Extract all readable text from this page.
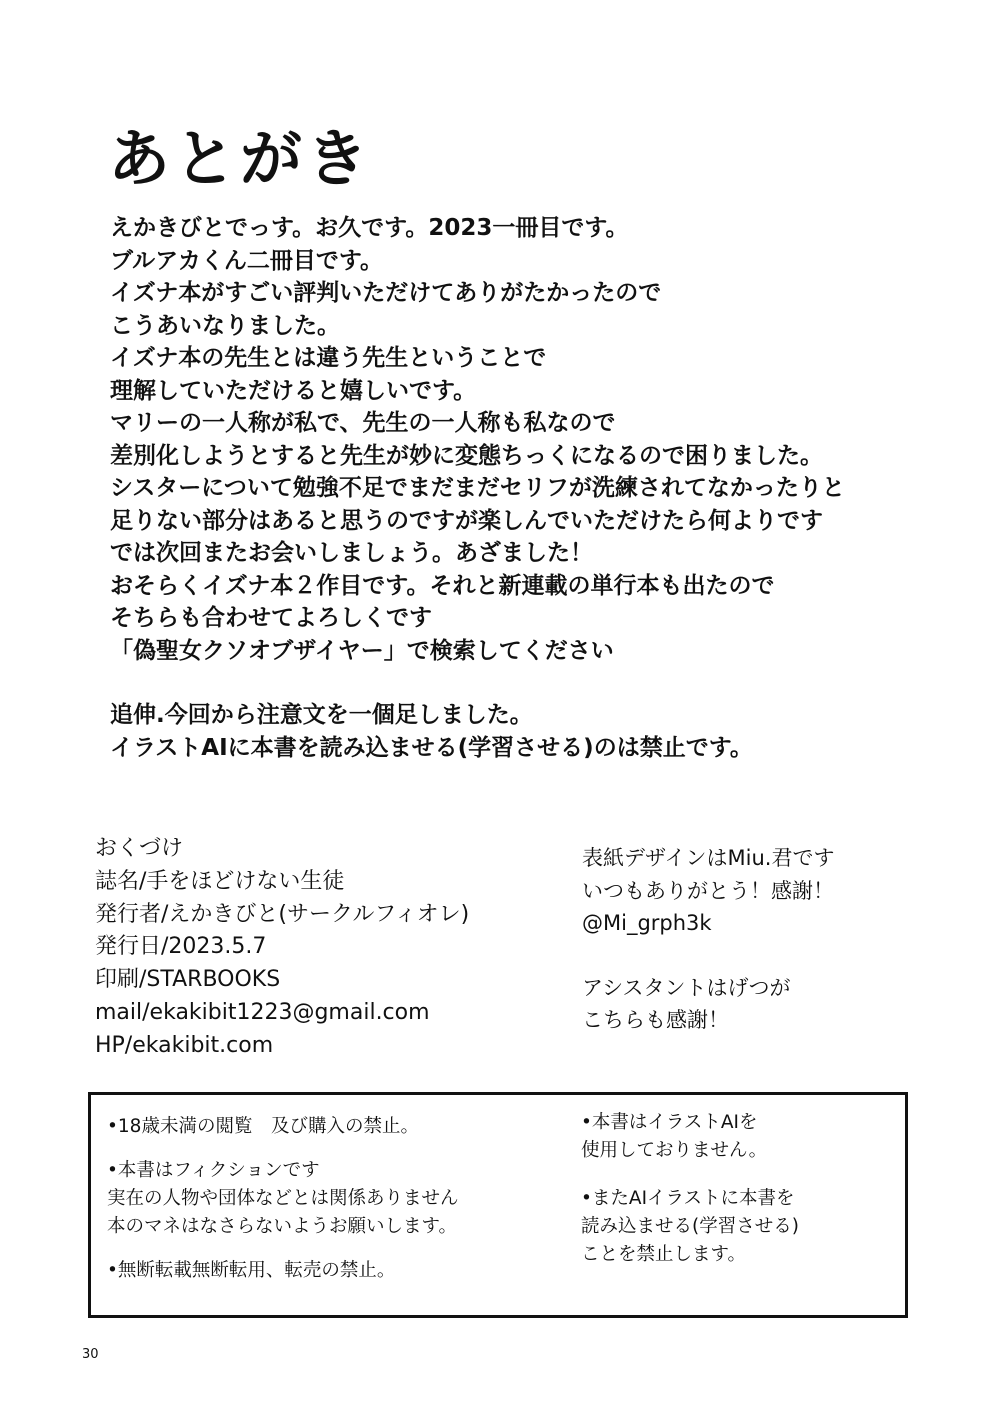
あとがき
えかきびとでっす。お久です。2023一冊目です。
ブルアカくん二冊目です。
イズナ本がすごい評判いただけてありがたかったので
こうあいなりました。
イズナ本の先生とは違う先生ということで
理解していただけると嬉しいです。
マリーの一人称が私で、先生の一人称も私なので
差別化しようとすると先生が妙に変態ちっくになるので困りました。
シスターについて勉強不足でまだまだセリフが洗練されてなかったりと
足りない部分はあると思うのですが楽しんでいただけたら何よりです
では次回またお会いしましょう。あざました！
おそらくイズナ本２作目です。それと新連載の単行本も出たので
そちらも合わせてよろしくです
「偽聖女クソオブザイヤー」で検索してください
追伸.今回から注意文を一個足しました。
イラストAIに本書を読み込ませる(学習させる)のは禁止です。
おくづけ
誌名/手をほどけない生徒
発行者/えかきびと(サークルフィオレ)
発行日/2023.5.7
印刷/STARBOOKS
mail/ekakibit1223@gmail.com
HP/ekakibit.com
表紙デザインはMiu.君です
いつもありがとう！感謝！
@Mi_grph3k
アシスタントはげつが
こちらも感謝！
•18歳未満の閲覧　及び購入の禁止。
•本書はフィクションです
実在の人物や団体などとは関係ありません
本のマネはなさらないようお願いします。
•無断転載無断転用、転売の禁止。
•本書はイラストAIを
使用しておりません。
•またAIイラストに本書を
読み込ませる(学習させる)
ことを禁止します。
30
